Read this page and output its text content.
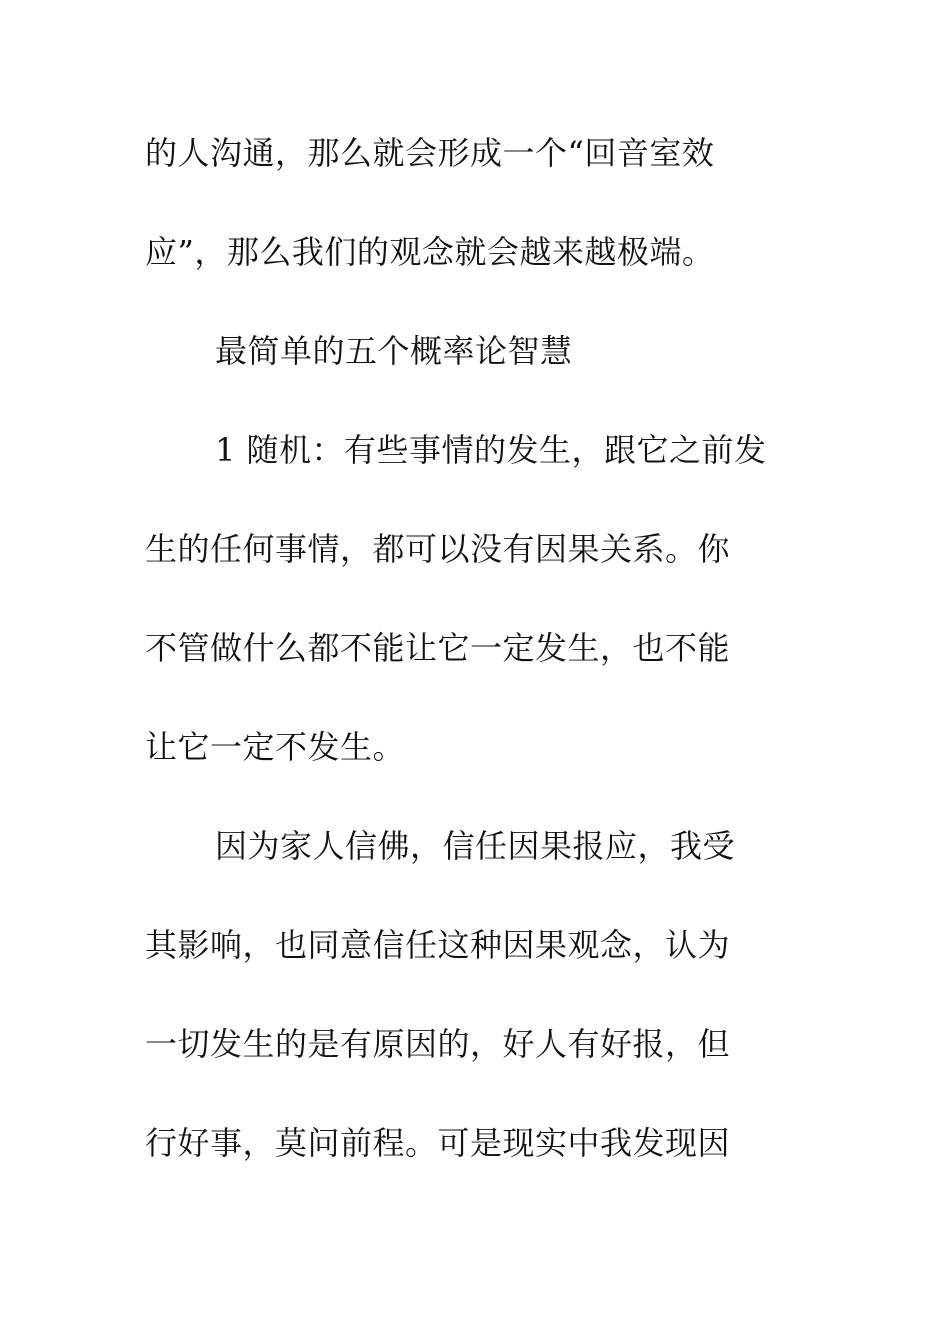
的人沟通，那么就会形成一个“回音室效
应”，那么我们的观念就会越来越极端。
最简单的五个概率论智慧
1 随机：有些事情的发生，跟它之前发
生的任何事情，都可以没有因果关系。你
不管做什么都不能让它一定发生，也不能
让它一定不发生。
因为家人信佛，信任因果报应，我受
其影响，也同意信任这种因果观念，认为
一切发生的是有原因的，好人有好报，但
行好事，莫问前程。可是现实中我发现因
